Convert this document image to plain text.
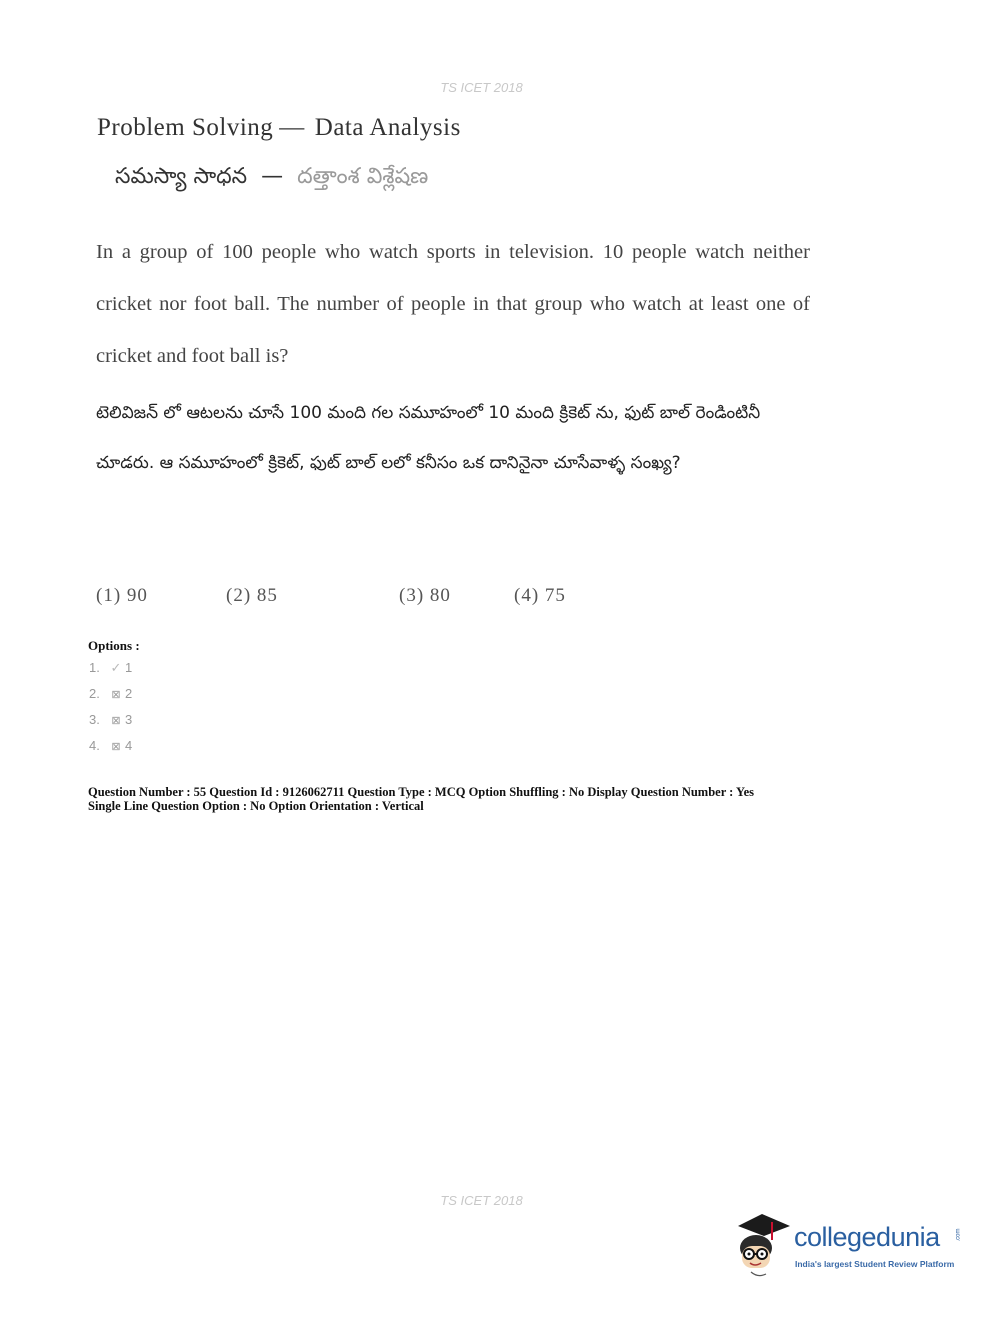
TS ICET 2018
Problem Solving — Data Analysis
సమస్యా సాధన — దత్తాంశ విశ్లేషణ
In a group of 100 people who watch sports in television. 10 people watch neither cricket nor foot ball. The number of people in that group who watch at least one of cricket and foot ball is?
టెలివిజన్ లో ఆటలను చూసే 100 మంది గల సమూహంలో 10 మంది క్రికెట్ ను, ఫుట్ బాల్ రెండింటినీ చూడరు. ఆ సమూహంలో క్రికెట్, ఫుట్ బాల్ లలో కనీసం ఒక దానినైనా చూసేవాళ్ళ సంఖ్య?
(1) 90	(2) 85	(3) 80	(4) 75
Options :
1. ✓ 1
2. ⊠ 2
3. ⊠ 3
4. ⊠ 4
Question Number : 55 Question Id : 9126062711 Question Type : MCQ Option Shuffling : No Display Question Number : Yes
Single Line Question Option : No Option Orientation : Vertical
TS ICET 2018
collegedunia	.com
India's largest Student Review Platform
